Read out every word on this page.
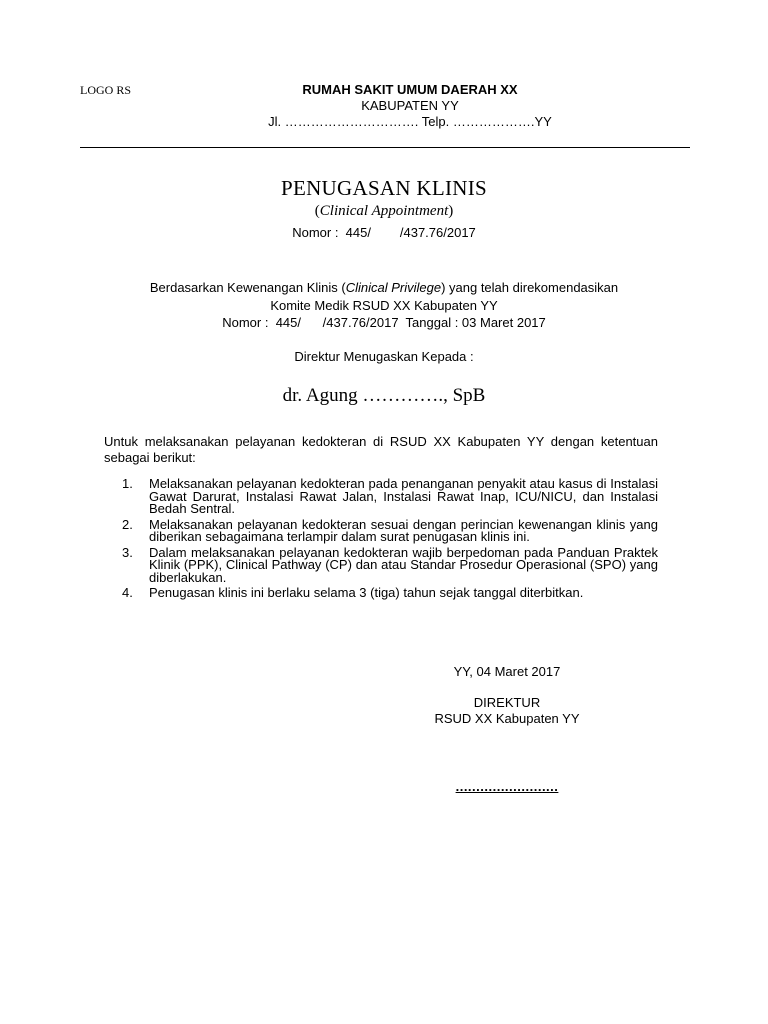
LOGO RS	RUMAH SAKIT UMUM DAERAH XX
KABUPATEN YY
Jl. …………………………. Telp. ……………….YY
PENUGASAN KLINIS
(Clinical Appointment)
Nomor :  445/        /437.76/2017
Berdasarkan Kewenangan Klinis (Clinical Privilege) yang telah direkomendasikan
Komite Medik RSUD XX Kabupaten YY
Nomor :  445/      /437.76/2017  Tanggal : 03 Maret 2017
Direktur Menugaskan Kepada :
dr. Agung …………., SpB
Untuk melaksanakan pelayanan kedokteran di RSUD XX Kabupaten YY dengan ketentuan sebagai berikut:
1. Melaksanakan pelayanan kedokteran pada penanganan penyakit atau kasus di Instalasi Gawat Darurat, Instalasi Rawat Jalan, Instalasi Rawat Inap, ICU/NICU, dan Instalasi Bedah Sentral.
2. Melaksanakan pelayanan kedokteran sesuai dengan perincian kewenangan klinis yang diberikan sebagaimana terlampir dalam surat penugasan klinis ini.
3. Dalam melaksanakan pelayanan kedokteran wajib berpedoman pada Panduan Praktek Klinik (PPK), Clinical Pathway (CP) dan atau Standar Prosedur Operasional (SPO) yang diberlakukan.
4. Penugasan klinis ini berlaku selama 3 (tiga) tahun sejak tanggal diterbitkan.
YY, 04 Maret 2017
DIREKTUR
RSUD XX Kabupaten YY
.........................
